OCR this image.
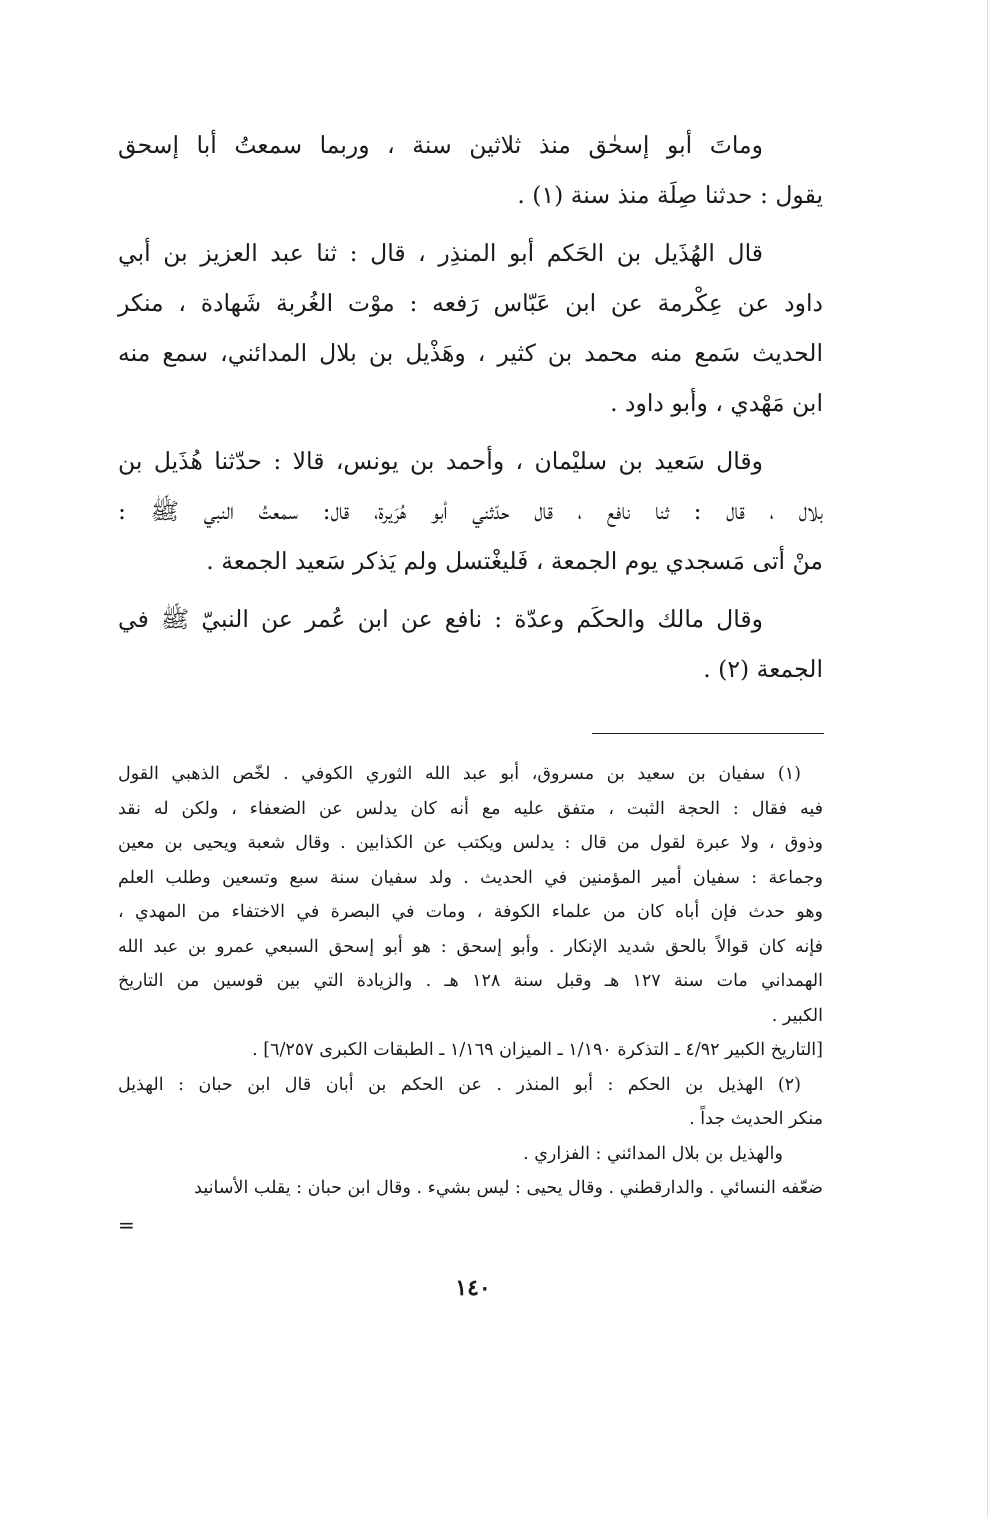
وماتَ أبو إسحٰق منذ ثلاثين سنة ، وربما سمعتُ أبا إسحق
يقول : حدثنا صِلَة منذ سنة (١) .

قال الهُذَيل بن الحَكم أبو المنذِر ، قال : ثنا عبد العزيز بن أبي
داود عن عِكْرمة عن ابن عَبّاس رَفعه : موْت الغُربة شَهادة ، منكر
الحديث سَمع منه محمد بن كثير ، وهَذْيل بن بلال المدائني، سمع منه
ابن مَهْدي ، وأبو داود .

وقال سَعيد بن سليْمان ، وأحمد بن يونس، قالا : حدّثنا هُذَيل بن
بلال ، قال : ثنا نافع ، قال حدّثني أبو هُرَيرة، قال: سمعتُ النبي ﷺ :
منْ أتى مَسجدي يوم الجمعة ، فَليغْتسل ولم يَذكر سَعيد الجمعة .

وقال مالك والحكَم وعدّة : نافع عن ابن عُمر عن النبيّ ﷺ في
الجمعة (٢) .

(١) سفيان بن سعيد بن مسروق، أبو عبد الله الثوري الكوفي . لخّص الذهبي القول
فيه فقال : الحجة الثبت ، متفق عليه مع أنه كان يدلس عن الضعفاء ، ولكن له نقد
وذوق ، ولا عبرة لقول من قال : يدلس ويكتب عن الكذابين . وقال شعبة ويحيى بن معين
وجماعة : سفيان أمير المؤمنين في الحديث . ولد سفيان سنة سبع وتسعين وطلب العلم
وهو حدث فإن أباه كان من علماء الكوفة ، ومات في البصرة في الاختفاء من المهدي ،
فإنه كان قوالاً بالحق شديد الإنكار . وأبو إسحق : هو أبو إسحق السبعي عمرو بن عبد الله
الهمداني مات سنة ١٢٧ هـ وقبل سنة ١٢٨ هـ . والزيادة التي بين قوسين من التاريخ
الكبير .
[التاريخ الكبير ٤/٩٢ ـ التذكرة ١/١٩٠ ـ الميزان ١/١٦٩ ـ الطبقات الكبرى ٦/٢٥٧] .
(٢) الهذيل بن الحكم : أبو المنذر . عن الحكم بن أبان قال ابن حبان : الهذيل
منكر الحديث جداً .
والهذيل بن بلال المدائني : الفزاري .
ضعّفه النسائي . والدارقطني . وقال يحيى : ليس بشيء . وقال ابن حبان : يقلب الأسانيد
=
١٤٠
